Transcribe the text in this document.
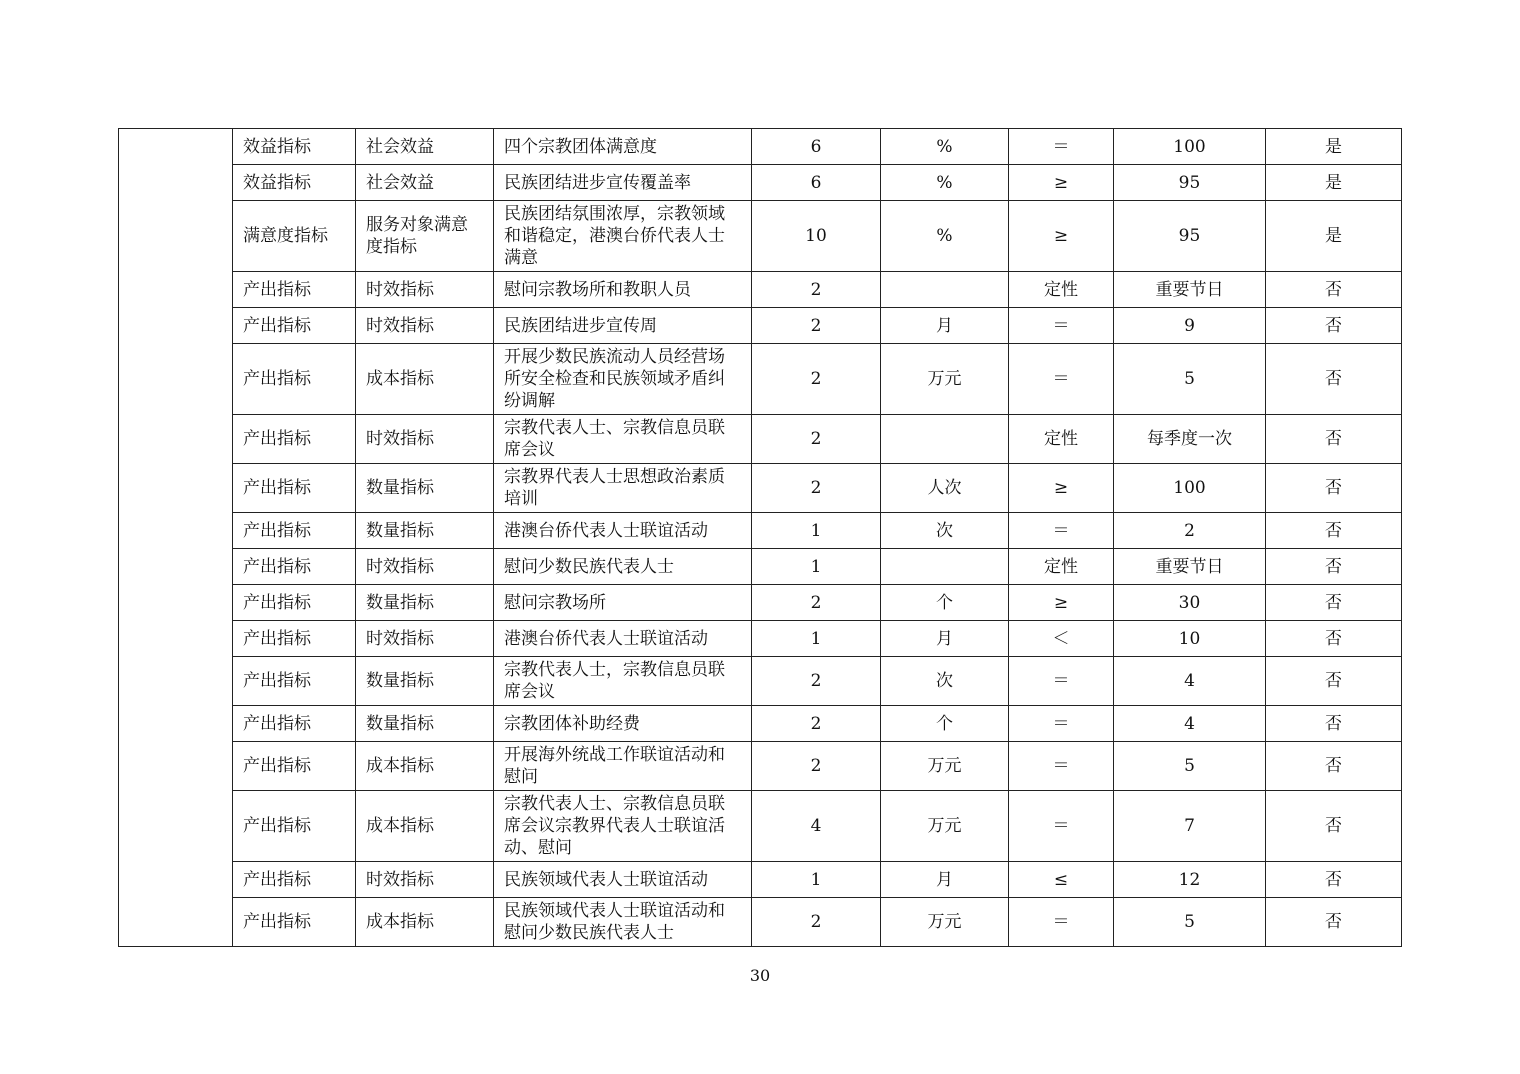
	效益指标	社会效益	四个宗教团体满意度	6	%	＝	100	是
	效益指标	社会效益	民族团结进步宣传覆盖率	6	%	≥	95	是
	满意度指标	服务对象满意度指标	民族团结氛围浓厚，宗教领域和谐稳定，港澳台侨代表人士满意	10	%	≥	95	是
	产出指标	时效指标	慰问宗教场所和教职人员	2		定性	重要节日	否
	产出指标	时效指标	民族团结进步宣传周	2	月	＝	9	否
	产出指标	成本指标	开展少数民族流动人员经营场所安全检查和民族领域矛盾纠纷调解	2	万元	＝	5	否
	产出指标	时效指标	宗教代表人士、宗教信息员联席会议	2		定性	每季度一次	否
	产出指标	数量指标	宗教界代表人士思想政治素质培训	2	人次	≥	100	否
	产出指标	数量指标	港澳台侨代表人士联谊活动	1	次	＝	2	否
	产出指标	时效指标	慰问少数民族代表人士	1		定性	重要节日	否
	产出指标	数量指标	慰问宗教场所	2	个	≥	30	否
	产出指标	时效指标	港澳台侨代表人士联谊活动	1	月	＜	10	否
	产出指标	数量指标	宗教代表人士，宗教信息员联席会议	2	次	＝	4	否
	产出指标	数量指标	宗教团体补助经费	2	个	＝	4	否
	产出指标	成本指标	开展海外统战工作联谊活动和慰问	2	万元	＝	5	否
	产出指标	成本指标	宗教代表人士、宗教信息员联席会议宗教界代表人士联谊活动、慰问	4	万元	＝	7	否
	产出指标	时效指标	民族领域代表人士联谊活动	1	月	≤	12	否
	产出指标	成本指标	民族领域代表人士联谊活动和慰问少数民族代表人士	2	万元	＝	5	否
30
